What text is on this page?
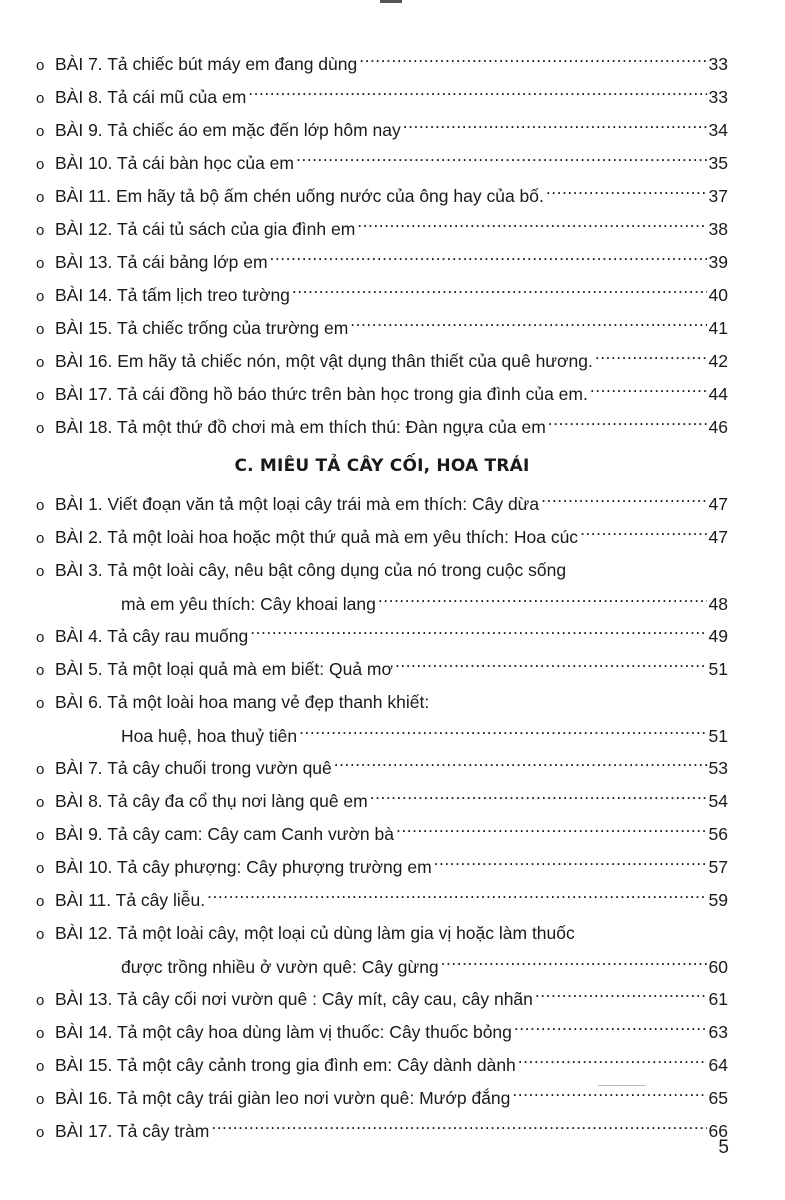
o BÀI 7. Tả chiếc bút máy em đang dùng .....	33
o BÀI 8. Tả cái mũ của em .....	33
o BÀI 9. Tả chiếc áo em mặc đến lớp hôm nay .....	34
o BÀI 10. Tả cái bàn học của em .....	35
o BÀI 11. Em hãy tả bộ ấm chén uống nước của ông hay của bố. .....	37
o BÀI 12. Tả cái tủ sách của gia đình em .....	38
o BÀI 13. Tả cái bảng lớp em .....	39
o BÀI 14. Tả tấm lịch treo tường .....	40
o BÀI 15. Tả chiếc trống của trường em .....	41
o BÀI 16. Em hãy tả chiếc nón, một vật dụng thân thiết của quê hương. .....	42
o BÀI 17. Tả cái đồng hồ báo thức trên bàn học trong gia đình của em. .....	44
o BÀI 18. Tả một thứ đồ chơi mà em thích thú: Đàn ngựa của em .....	46
C. MIÊU TẢ CÂY CỐI, HOA TRÁI
o BÀI 1. Viết đoạn văn tả một loại cây trái mà em thích: Cây dừa .....	47
o BÀI 2. Tả một loài hoa hoặc một thứ quả mà em yêu thích: Hoa cúc .....	47
o BÀI 3. Tả một loài cây, nêu bật công dụng của nó trong cuộc sống
mà em yêu thích: Cây khoai lang .....	48
o BÀI 4. Tả cây rau muống .....	49
o BÀI 5. Tả một loại quả mà em biết: Quả mơ .....	51
o BÀI 6. Tả một loài hoa mang vẻ đẹp thanh khiết:
Hoa huệ, hoa thuỷ tiên .....	51
o BÀI 7. Tả cây chuối trong vườn quê .....	53
o BÀI 8. Tả cây đa cổ thụ nơi làng quê em .....	54
o BÀI 9. Tả cây cam: Cây cam Canh vườn bà .....	56
o BÀI 10. Tả cây phượng: Cây phượng trường em .....	57
o BÀI 11. Tả cây liễu. .....	59
o BÀI 12. Tả một loài cây, một loại củ dùng làm gia vị hoặc làm thuốc
được trồng nhiều ở vườn quê: Cây gừng .....	60
o BÀI 13. Tả cây cối nơi vườn quê : Cây mít, cây cau, cây nhãn .....	61
o BÀI 14. Tả một cây hoa dùng làm vị thuốc: Cây thuốc bỏng .....	63
o BÀI 15. Tả một cây cảnh trong gia đình em: Cây dành dành .....	64
o BÀI 16. Tả một cây trái giàn leo nơi vườn quê: Mướp đắng .....	65
o BÀI 17. Tả cây tràm .....	66
5
